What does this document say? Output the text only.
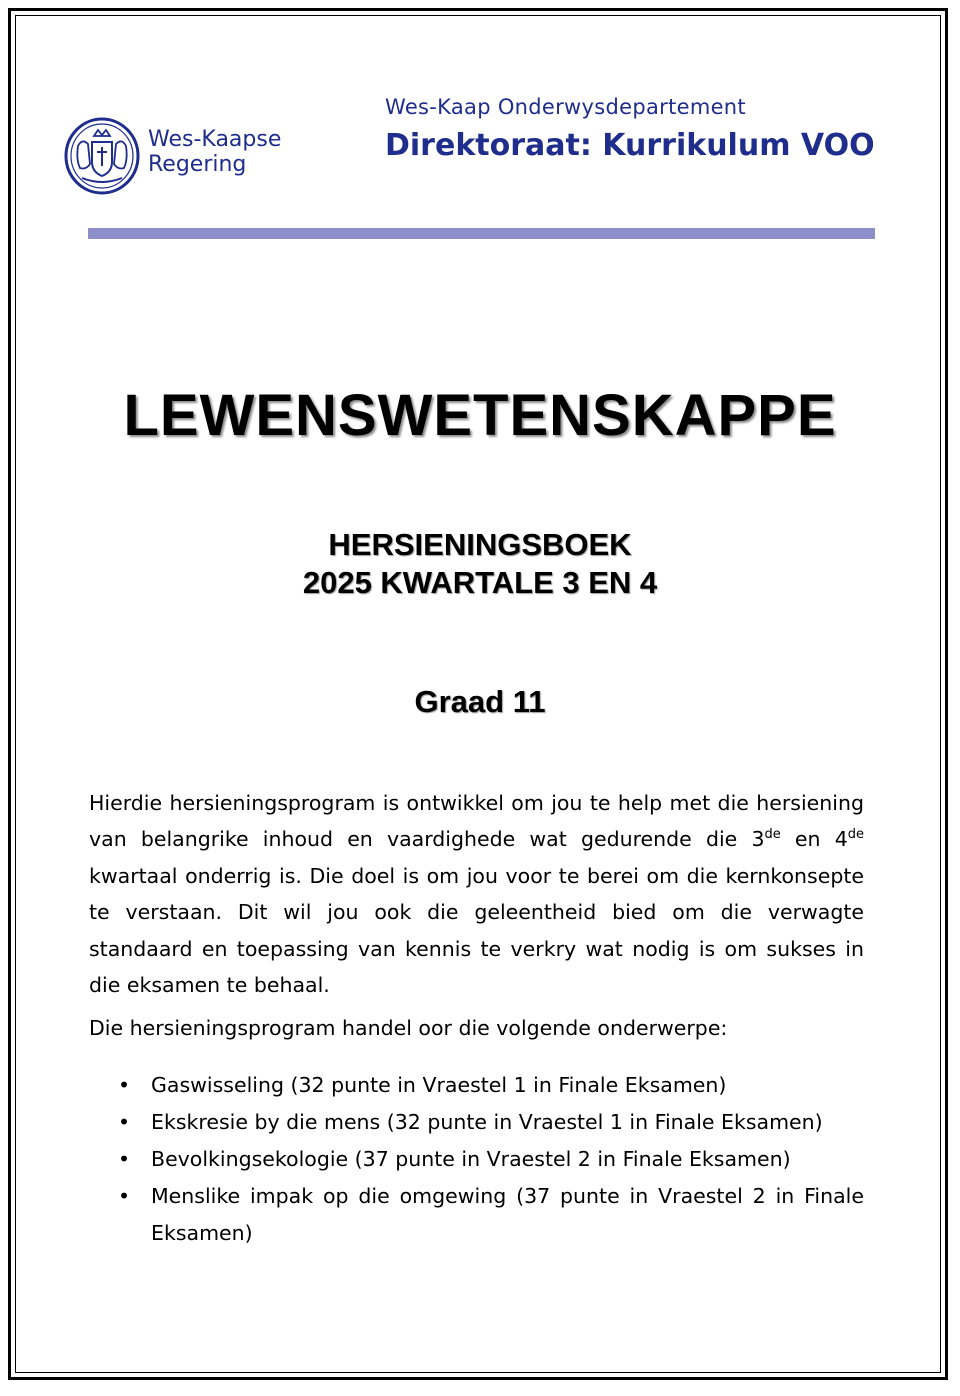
Wes-Kaapse
Regering
Wes-Kaap Onderwysdepartement
Direktoraat: Kurrikulum VOO
LEWENSWETENSKAPPE
HERSIENINGSBOEK
2025 KWARTALE 3 EN 4
Graad 11

Hierdie hersieningsprogram is ontwikkel om jou te help met die hersiening van belangrike inhoud en vaardighede wat gedurende die 3de en 4de kwartaal onderrig is. Die doel is om jou voor te berei om die kernkonsepte te verstaan. Dit wil jou ook die geleentheid bied om die verwagte standaard en toepassing van kennis te verkry wat nodig is om sukses in die eksamen te behaal.

Die hersieningsprogram handel oor die volgende onderwerpe:

• Gaswisseling (32 punte in Vraestel 1 in Finale Eksamen)
• Ekskresie by die mens (32 punte in Vraestel 1 in Finale Eksamen)
• Bevolkingsekologie (37 punte in Vraestel 2 in Finale Eksamen)
• Menslike impak op die omgewing (37 punte in Vraestel 2 in Finale Eksamen)
